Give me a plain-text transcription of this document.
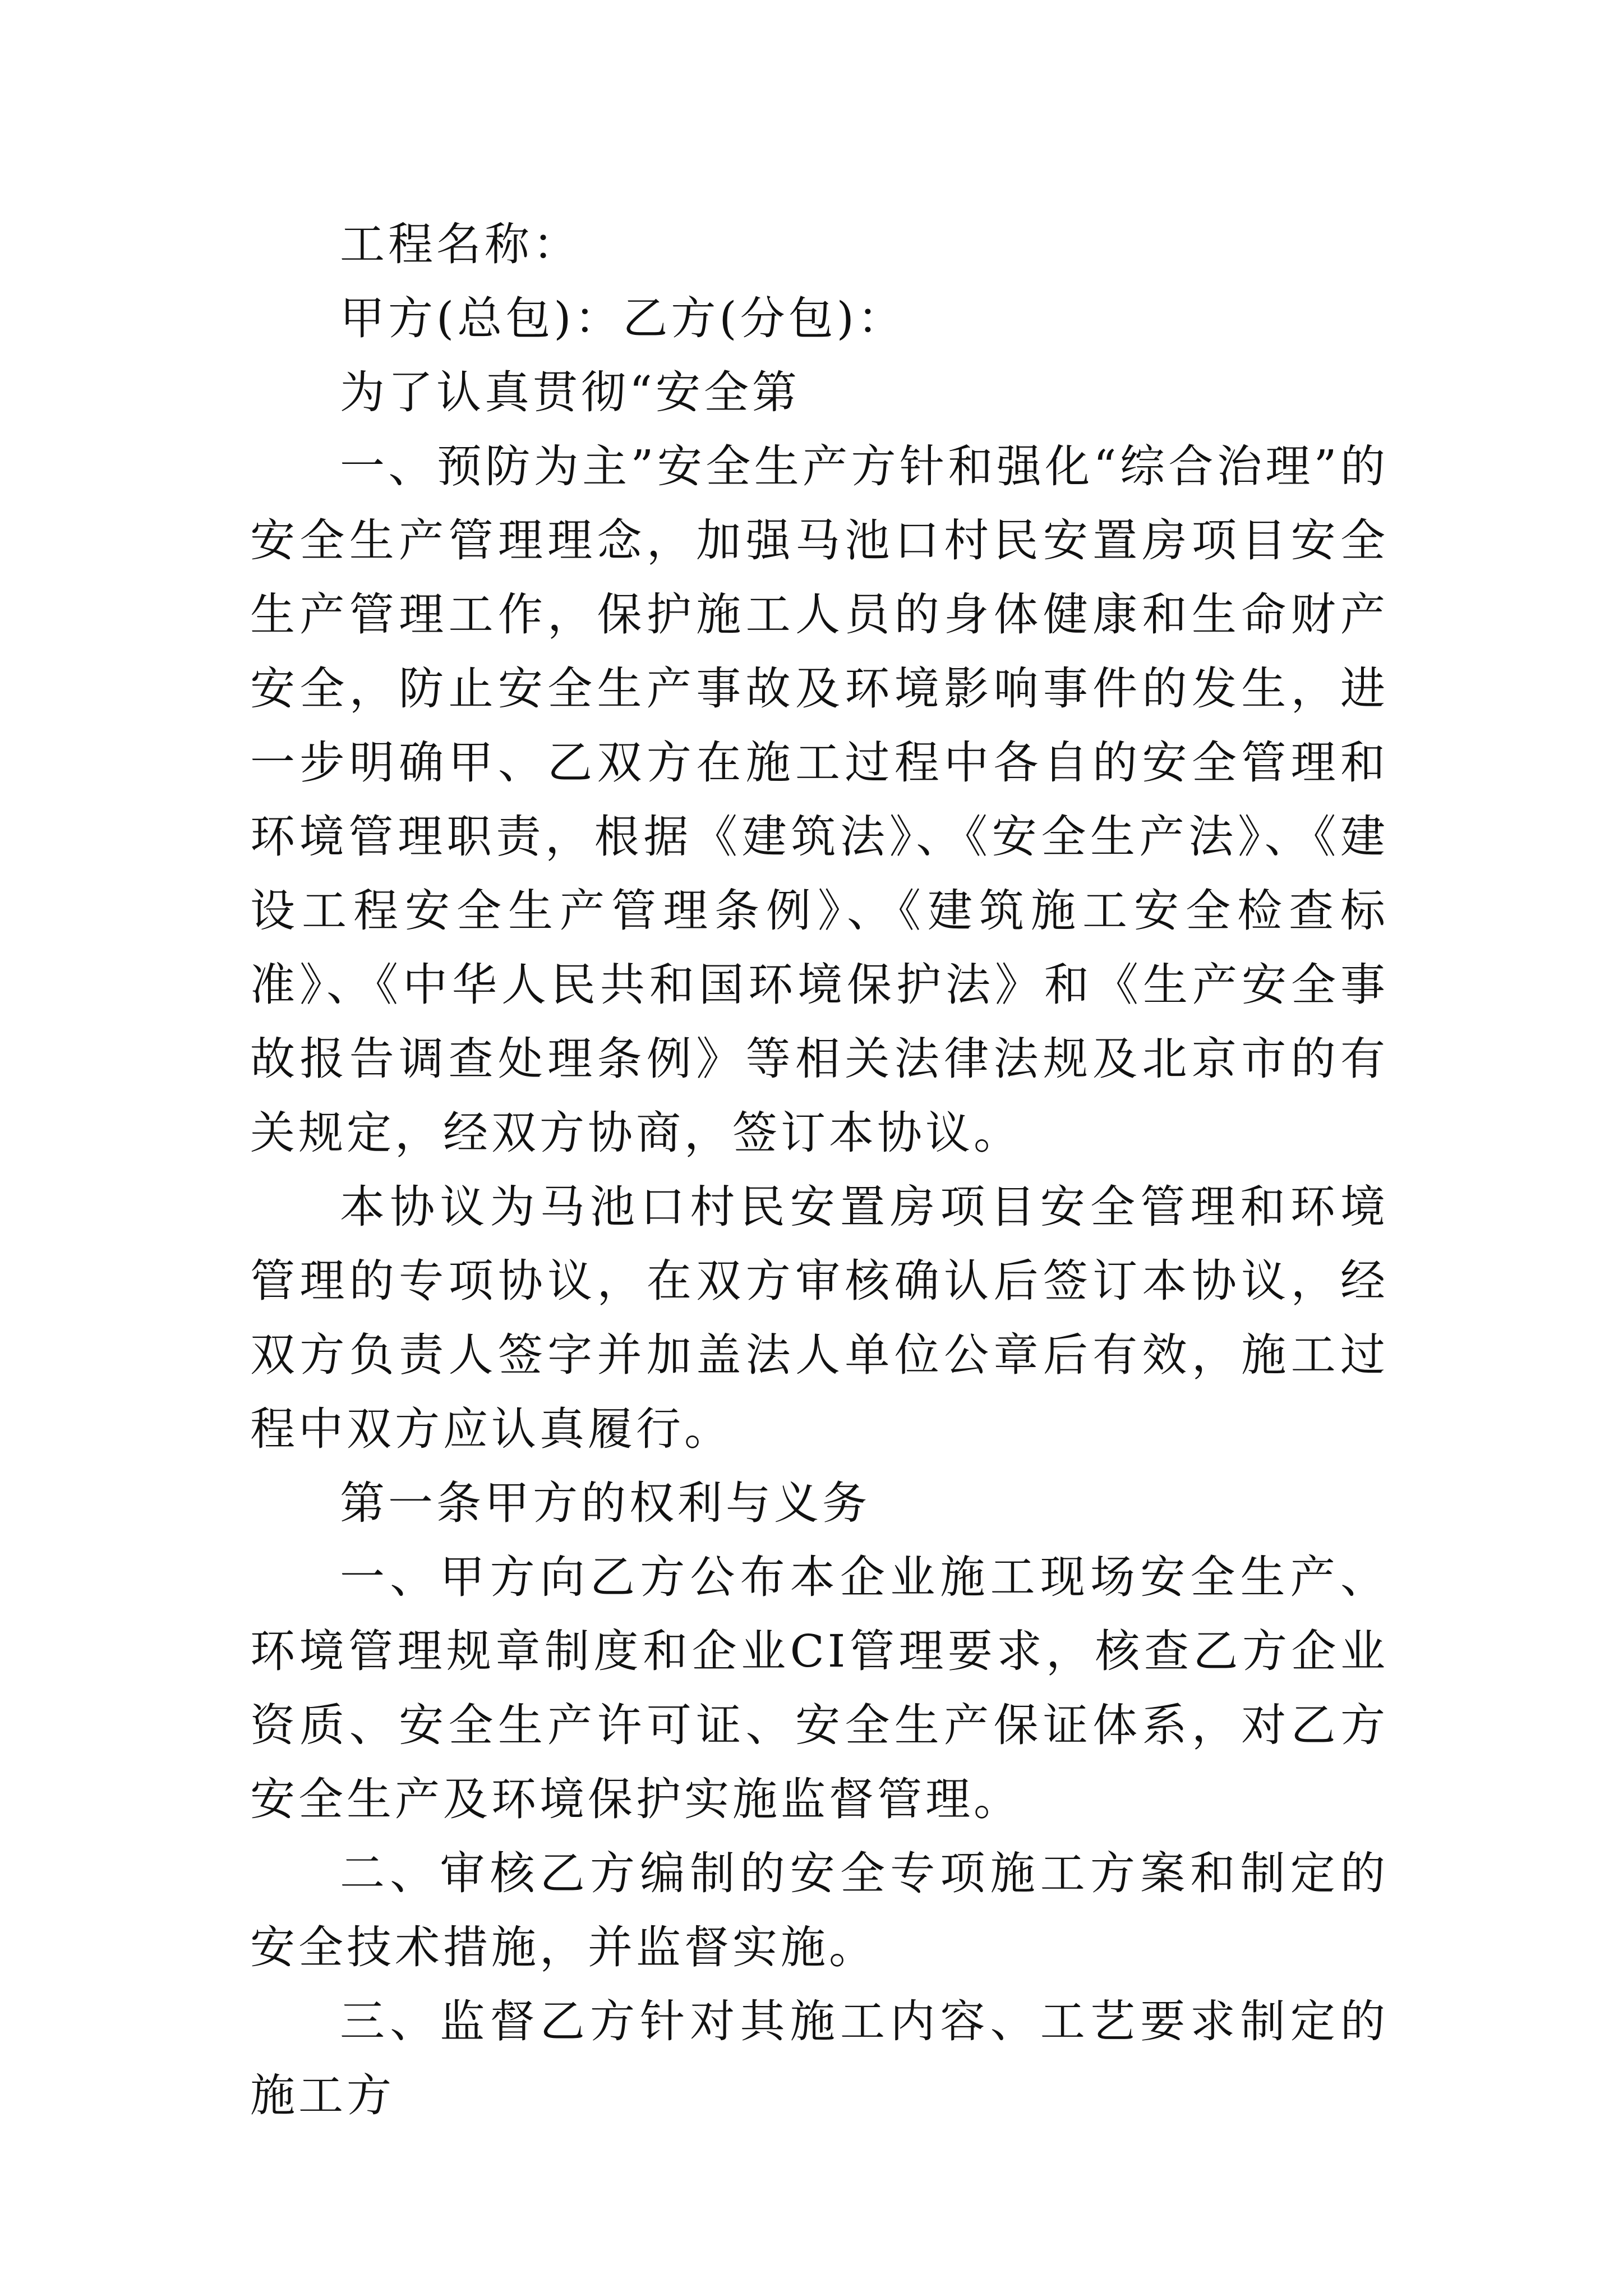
工程名称：

甲方(总包)：乙方(分包)：

为了认真贯彻“安全第

一、预防为主”安全生产方针和强化“综合治理”的安全生产管理理念，加强马池口村民安置房项目安全生产管理工作，保护施工人员的身体健康和生命财产安全，防止安全生产事故及环境影响事件的发生，进一步明确甲、乙双方在施工过程中各自的安全管理和环境管理职责，根据《建筑法》、《安全生产法》、《建设工程安全生产管理条例》、《建筑施工安全检查标准》、《中华人民共和国环境保护法》和《生产安全事故报告调查处理条例》等相关法律法规及北京市的有关规定，经双方协商，签订本协议。

本协议为马池口村民安置房项目安全管理和环境管理的专项协议，在双方审核确认后签订本协议，经双方负责人签字并加盖法人单位公章后有效，施工过程中双方应认真履行。

第一条甲方的权利与义务

一、甲方向乙方公布本企业施工现场安全生产、环境管理规章制度和企业CI管理要求，核查乙方企业资质、安全生产许可证、安全生产保证体系，对乙方安全生产及环境保护实施监督管理。

二、审核乙方编制的安全专项施工方案和制定的安全技术措施，并监督实施。

三、监督乙方针对其施工内容、工艺要求制定的施工方
